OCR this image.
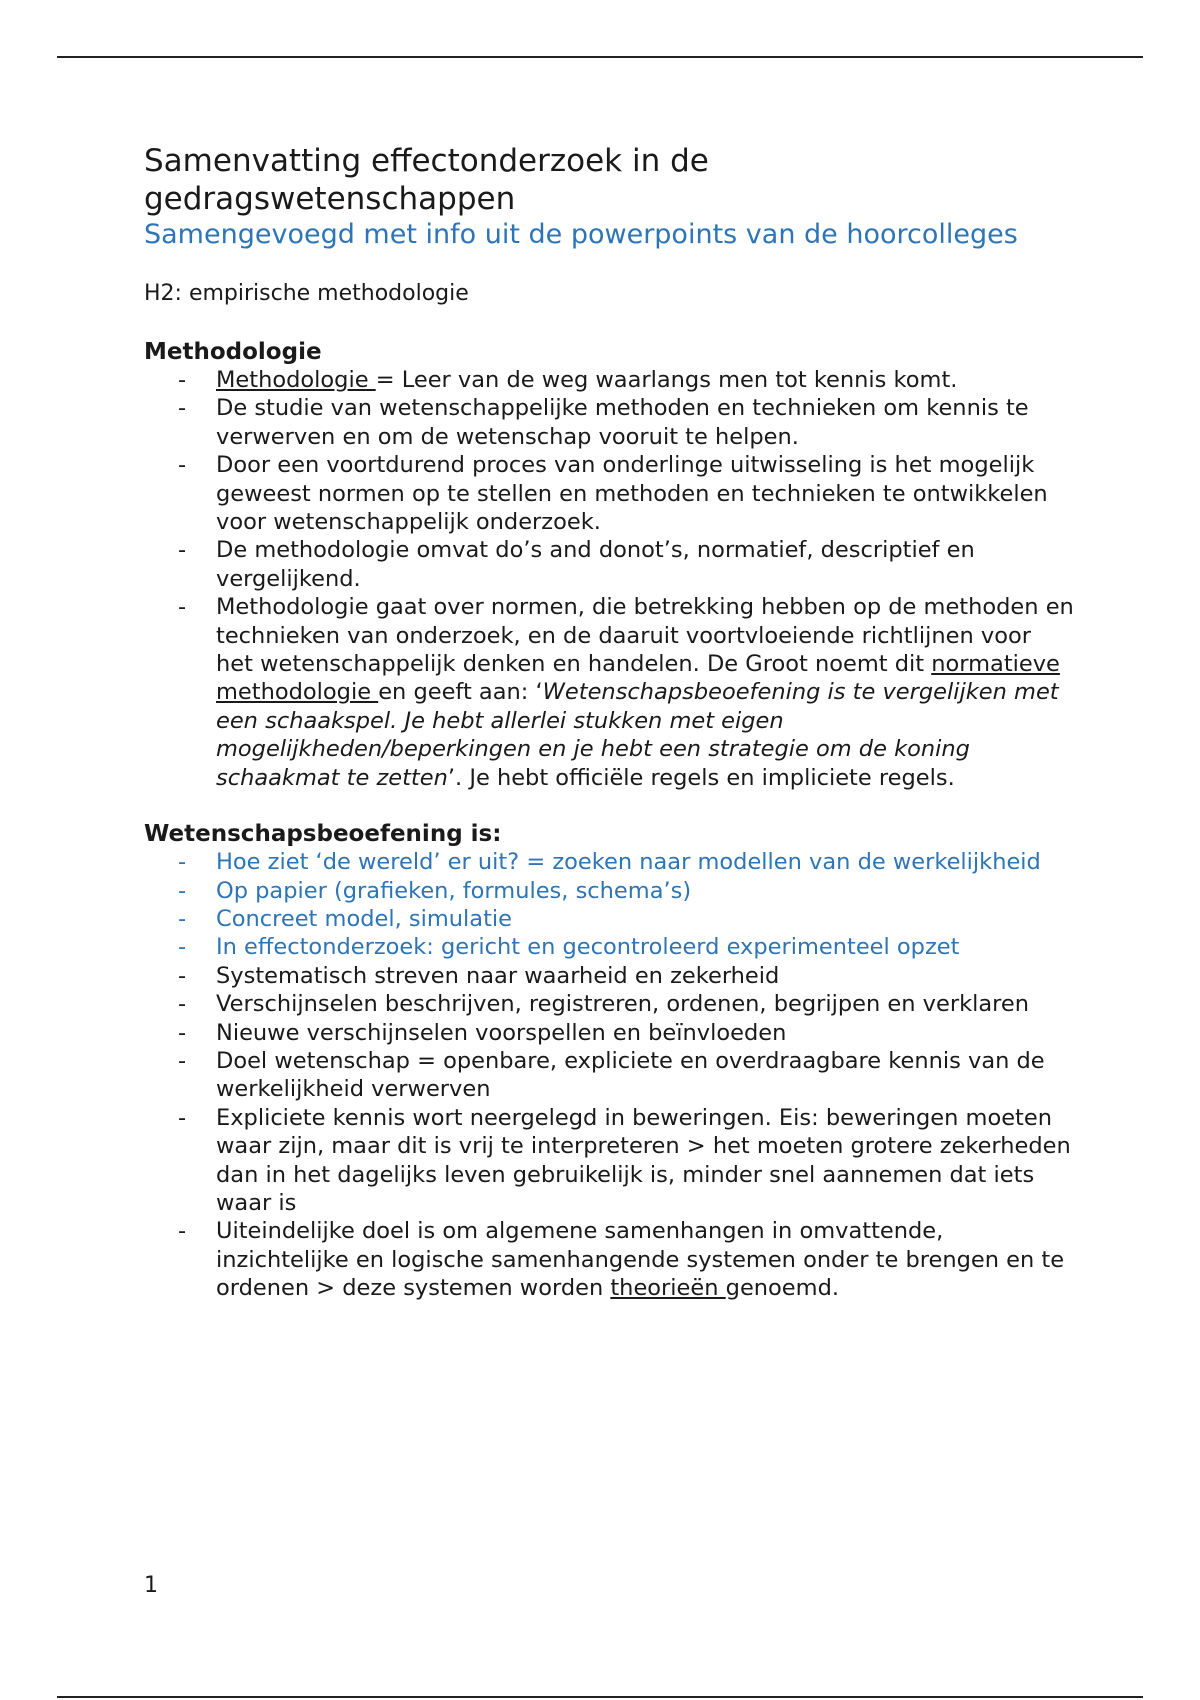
Samenvatting effectonderzoek in de gedragswetenschappen
Samengevoegd met info uit de powerpoints van de hoorcolleges
H2: empirische methodologie
Methodologie
- Methodologie = Leer van de weg waarlangs men tot kennis komt.
- De studie van wetenschappelijke methoden en technieken om kennis te verwerven en om de wetenschap vooruit te helpen.
- Door een voortdurend proces van onderlinge uitwisseling is het mogelijk geweest normen op te stellen en methoden en technieken te ontwikkelen voor wetenschappelijk onderzoek.
- De methodologie omvat do’s and donot’s, normatief, descriptief en vergelijkend.
- Methodologie gaat over normen, die betrekking hebben op de methoden en technieken van onderzoek, en de daaruit voortvloeiende richtlijnen voor het wetenschappelijk denken en handelen. De Groot noemt dit normatieve methodologie en geeft aan: ‘Wetenschapsbeoefening is te vergelijken met een schaakspel. Je hebt allerlei stukken met eigen mogelijkheden/beperkingen en je hebt een strategie om de koning schaakmat te zetten’. Je hebt officiële regels en impliciete regels.
Wetenschapsbeoefening is:
- Hoe ziet ‘de wereld’ er uit? = zoeken naar modellen van de werkelijkheid
- Op papier (grafieken, formules, schema’s)
- Concreet model, simulatie
- In effectonderzoek: gericht en gecontroleerd experimenteel opzet
- Systematisch streven naar waarheid en zekerheid
- Verschijnselen beschrijven, registreren, ordenen, begrijpen en verklaren
- Nieuwe verschijnselen voorspellen en beïnvloeden
- Doel wetenschap = openbare, expliciete en overdraagbare kennis van de werkelijkheid verwerven
- Expliciete kennis wort neergelegd in beweringen. Eis: beweringen moeten waar zijn, maar dit is vrij te interpreteren > het moeten grotere zekerheden dan in het dagelijks leven gebruikelijk is, minder snel aannemen dat iets waar is
- Uiteindelijke doel is om algemene samenhangen in omvattende, inzichtelijke en logische samenhangende systemen onder te brengen en te ordenen > deze systemen worden theorieën genoemd.
1
